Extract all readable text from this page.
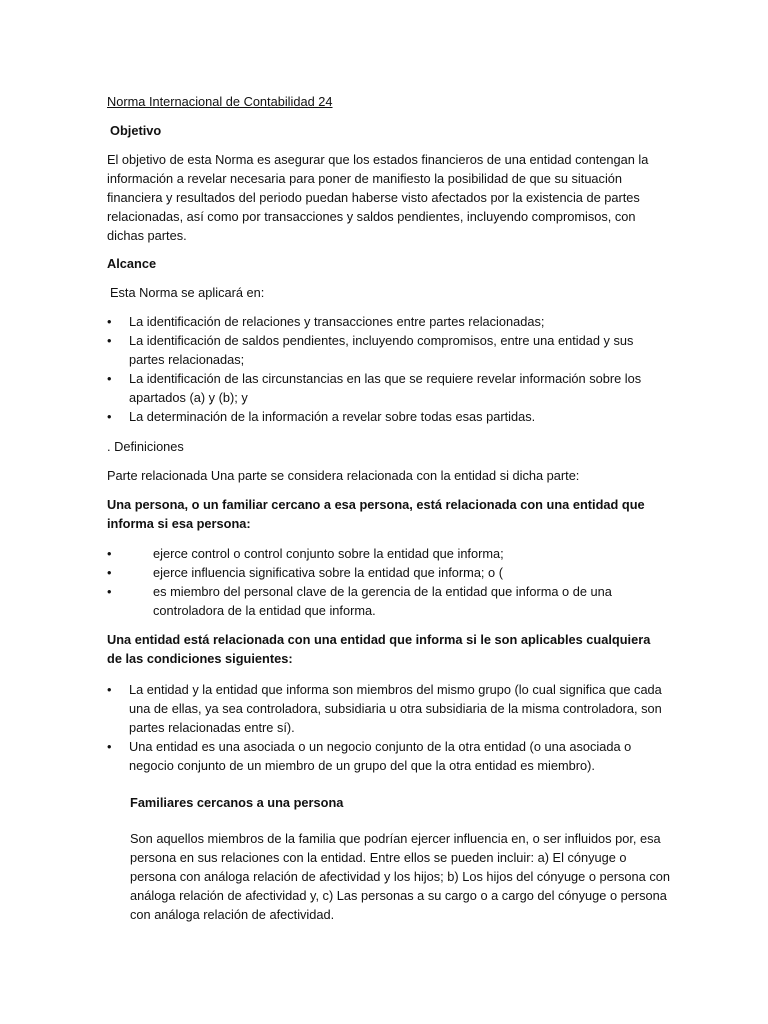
Norma Internacional de Contabilidad 24

Objetivo

El objetivo de esta Norma es asegurar que los estados financieros de una entidad contengan la información a revelar necesaria para poner de manifiesto la posibilidad de que su situación financiera y resultados del periodo puedan haberse visto afectados por la existencia de partes relacionadas, así como por transacciones y saldos pendientes, incluyendo compromisos, con dichas partes.

Alcance

Esta Norma se aplicará en:

• La identificación de relaciones y transacciones entre partes relacionadas;
• La identificación de saldos pendientes, incluyendo compromisos, entre una entidad y sus partes relacionadas;
• La identificación de las circunstancias en las que se requiere revelar información sobre los apartados (a) y (b); y
• La determinación de la información a revelar sobre todas esas partidas.

. Definiciones

Parte relacionada Una parte se considera relacionada con la entidad si dicha parte:

Una persona, o un familiar cercano a esa persona, está relacionada con una entidad que informa si esa persona:

• ejerce control o control conjunto sobre la entidad que informa;
• ejerce influencia significativa sobre la entidad que informa; o (
• es miembro del personal clave de la gerencia de la entidad que informa o de una controladora de la entidad que informa.

Una entidad está relacionada con una entidad que informa si le son aplicables cualquiera de las condiciones siguientes:

• La entidad y la entidad que informa son miembros del mismo grupo (lo cual significa que cada una de ellas, ya sea controladora, subsidiaria u otra subsidiaria de la misma controladora, son partes relacionadas entre sí).
• Una entidad es una asociada o un negocio conjunto de la otra entidad (o una asociada o negocio conjunto de un miembro de un grupo del que la otra entidad es miembro).

Familiares cercanos a una persona

Son aquellos miembros de la familia que podrían ejercer influencia en, o ser influidos por, esa persona en sus relaciones con la entidad. Entre ellos se pueden incluir: a) El cónyuge o persona con análoga relación de afectividad y los hijos; b) Los hijos del cónyuge o persona con análoga relación de afectividad y, c) Las personas a su cargo o a cargo del cónyuge o persona con análoga relación de afectividad.
